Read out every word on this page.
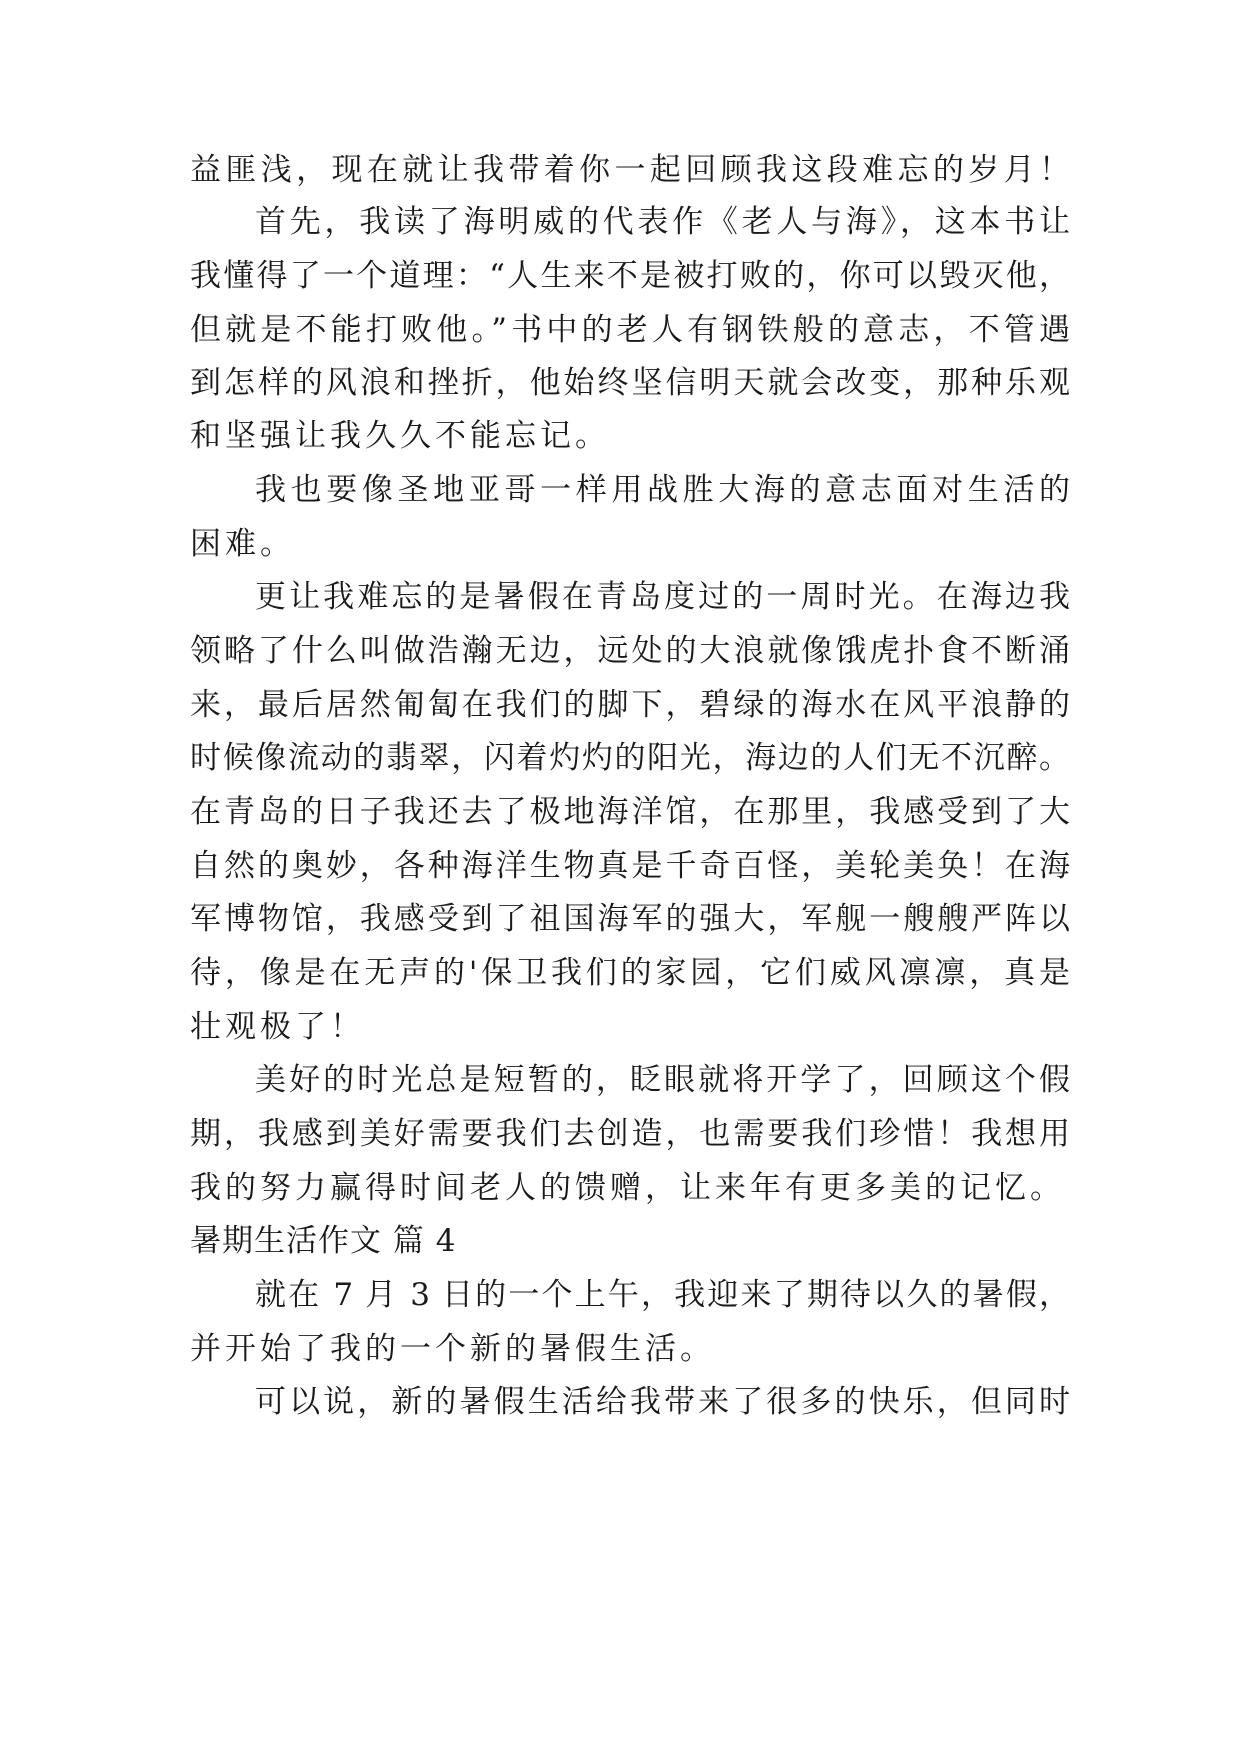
益匪浅，现在就让我带着你一起回顾我这段难忘的岁月！
首先，我读了海明威的代表作《老人与海》，这本书让
我懂得了一个道理：“人生来不是被打败的，你可以毁灭他，
但就是不能打败他。”书中的老人有钢铁般的意志，不管遇
到怎样的风浪和挫折，他始终坚信明天就会改变，那种乐观
和坚强让我久久不能忘记。
我也要像圣地亚哥一样用战胜大海的意志面对生活的
困难。
更让我难忘的是暑假在青岛度过的一周时光。在海边我
领略了什么叫做浩瀚无边，远处的大浪就像饿虎扑食不断涌
来，最后居然匍匐在我们的脚下，碧绿的海水在风平浪静的
时候像流动的翡翠，闪着灼灼的阳光，海边的人们无不沉醉。
在青岛的日子我还去了极地海洋馆，在那里，我感受到了大
自然的奥妙，各种海洋生物真是千奇百怪，美轮美奂！在海
军博物馆，我感受到了祖国海军的强大，军舰一艘艘严阵以
待，像是在无声的'保卫我们的家园，它们威风凛凛，真是
壮观极了！
美好的时光总是短暂的，眨眼就将开学了，回顾这个假
期，我感到美好需要我们去创造，也需要我们珍惜！我想用
我的努力赢得时间老人的馈赠，让来年有更多美的记忆。
暑期生活作文 篇 4
就在 7 月 3 日的一个上午，我迎来了期待以久的暑假，
并开始了我的一个新的暑假生活。
可以说，新的暑假生活给我带来了很多的快乐，但同时
